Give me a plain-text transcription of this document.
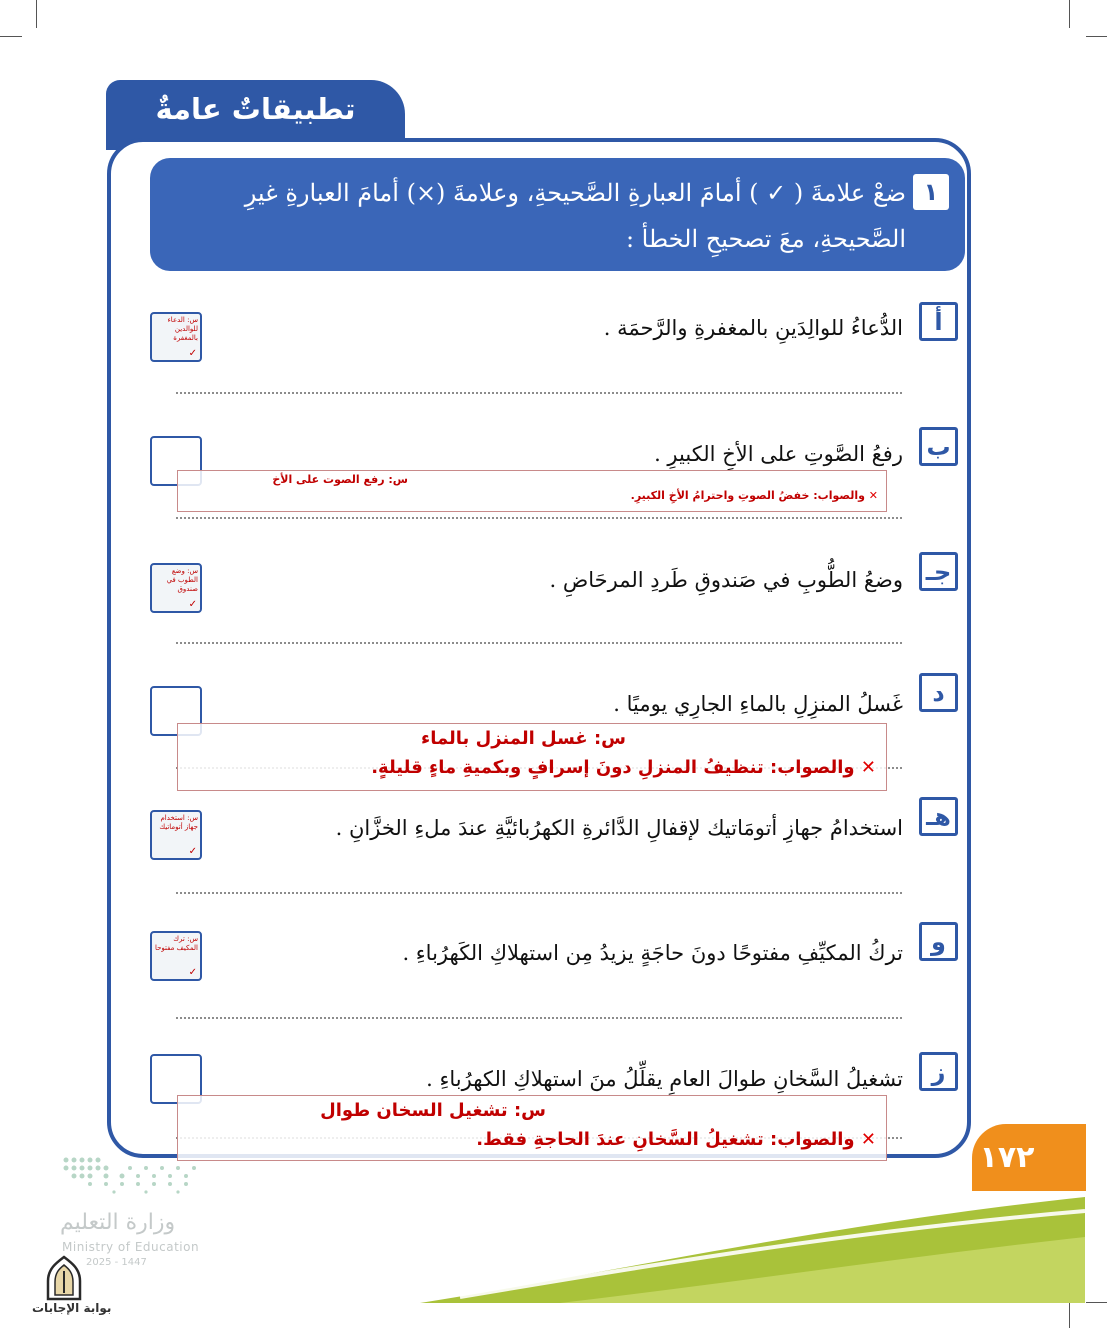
تطبيقاتٌ عامةٌ
١
ضعْ علامةَ ( ✓ ) أمامَ العبارةِ الصَّحيحةِ، وعلامةَ (×) أمامَ العبارةِ غيرِ الصَّحيحةِ، معَ تصحيحِ الخطأ :
أ
الدُّعاءُ للوالِدَينِ بالمغفرةِ والرَّحمَة .
س: الدعاء للوالدين بالمغفرة
✓
ب
رفعُ الصَّوتِ على الأخِ الكبيرِ .
س: رفع الصوت على الأخ
✕ والصواب: خفضُ الصوتِ واحترامُ الأخِ الكبيرِ.
جـ
وضعُ الطُّوبِ في صَندوقِ طَردِ المرحَاضِ .
س: وضع الطوب في صندوق
✓
د
غَسلُ المنزِلِ بالماءِ الجارِي يوميًا .
س: غسل المنزل بالماء
✕ والصواب: تنظيفُ المنزلِ دونَ إسرافٍ وبكميةِ ماءٍ قليلةٍ.
هـ
استخدامُ جهازِ أتومَاتيك لإقفالِ الدَّائرةِ الكهرُبائيَّةِ عندَ ملءِ الخزَّانِ .
س: استخدام جهاز أتوماتيك
✓
و
تركُ المكيِّفِ مفتوحًا دونَ حاجَةٍ يزيدُ مِن استهلاكِ الكَهرُباءِ .
س: ترك المكيف مفتوحا
✓
ز
تشغيلُ السَّخانِ طوالَ العامِ يقلِّلُ منَ استهلاكِ الكهرُباءِ .
س: تشغيل السخان طوال
✕ والصواب: تشغيلُ السَّخانِ عندَ الحاجةِ فقط.
١٧٢
وزارة التعليم
Ministry of Education
2025 - 1447
بوابة الإجابات
